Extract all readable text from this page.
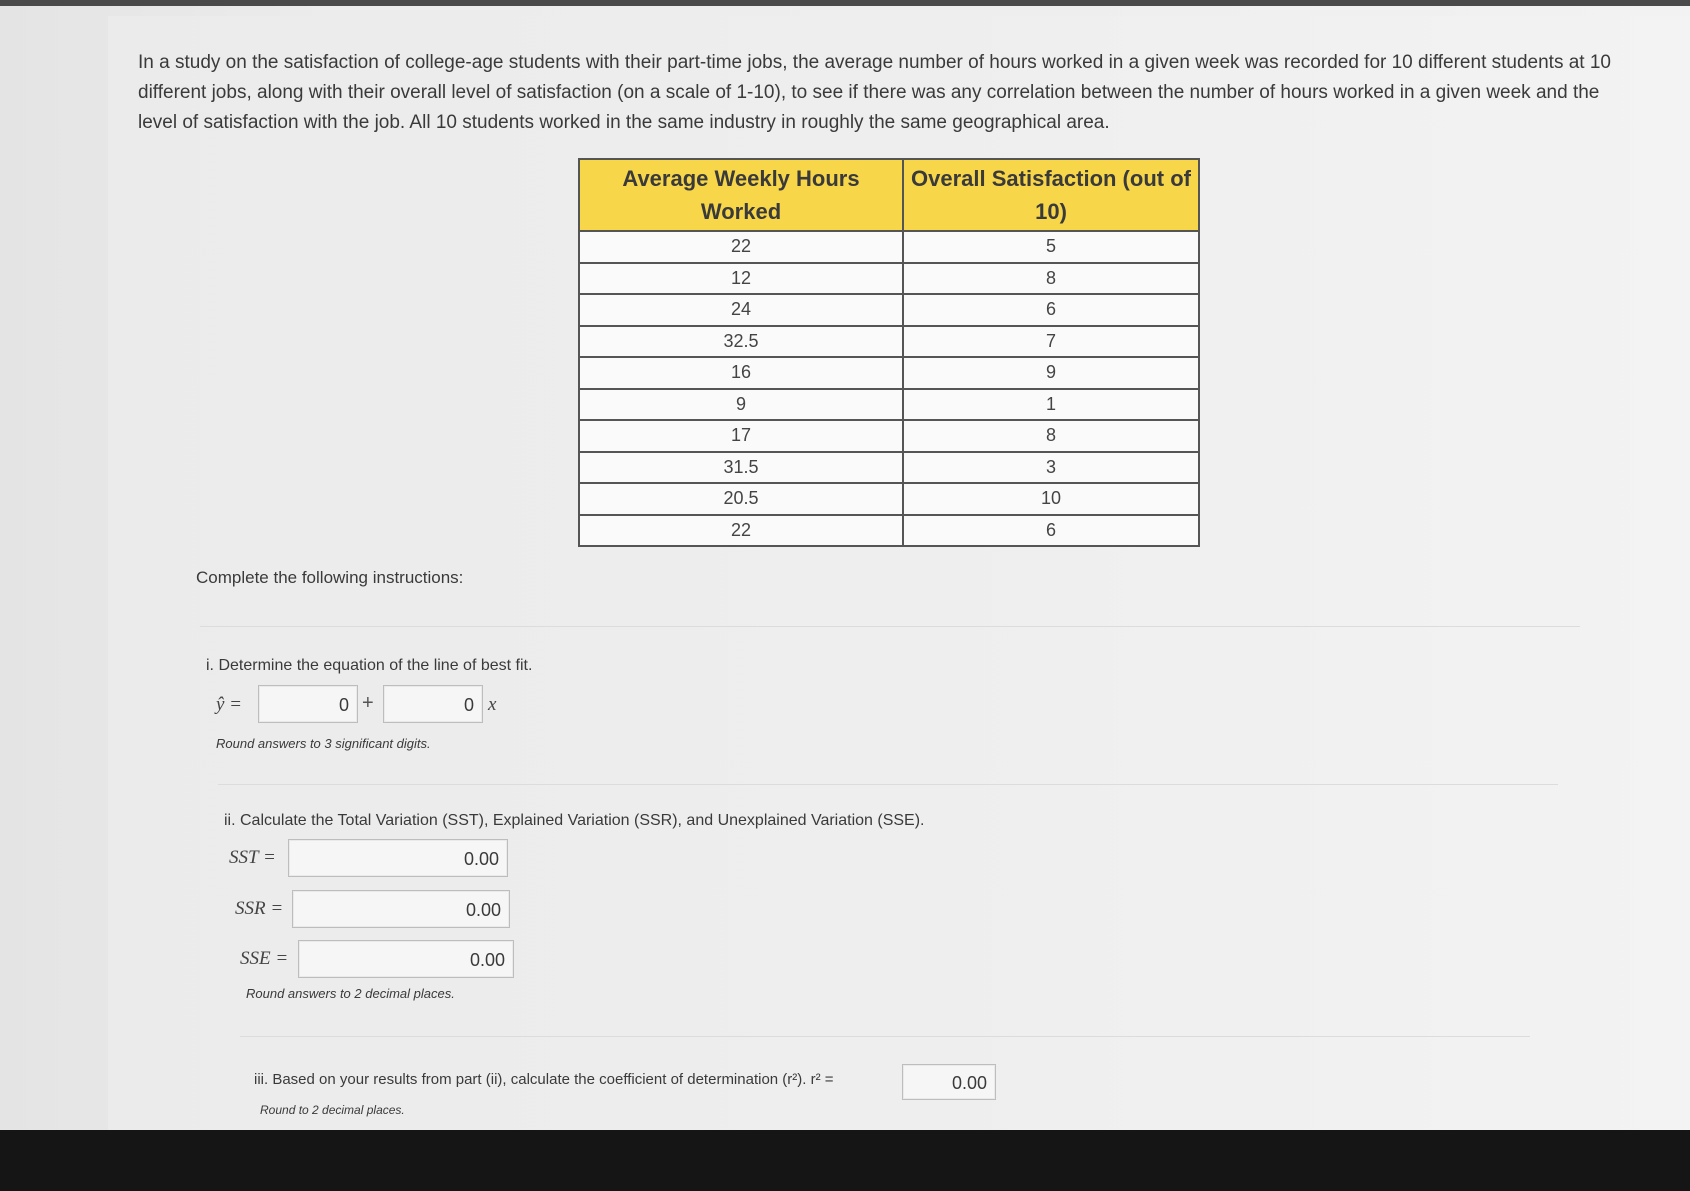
In a study on the satisfaction of college-age students with their part-time jobs, the average number of hours worked in a given week was recorded for 10 different students at 10 different jobs, along with their overall level of satisfaction (on a scale of 1-10), to see if there was any correlation between the number of hours worked in a given week and the level of satisfaction with the job. All 10 students worked in the same industry in roughly the same geographical area.
Average Weekly Hours Worked	Overall Satisfaction (out of 10)
22	5
12	8
24	6
32.5	7
16	9
9	1
17	8
31.5	3
20.5	10
22	6
Complete the following instructions:
i. Determine the equation of the line of best fit.
ŷ =	0 +	0 x
Round answers to 3 significant digits.
ii. Calculate the Total Variation (SST), Explained Variation (SSR), and Unexplained Variation (SSE).
SST =	0.00
SSR =	0.00
SSE =	0.00
Round answers to 2 decimal places.
iii. Based on your results from part (ii), calculate the coefficient of determination (r²). r² =	0.00
Round to 2 decimal places.
